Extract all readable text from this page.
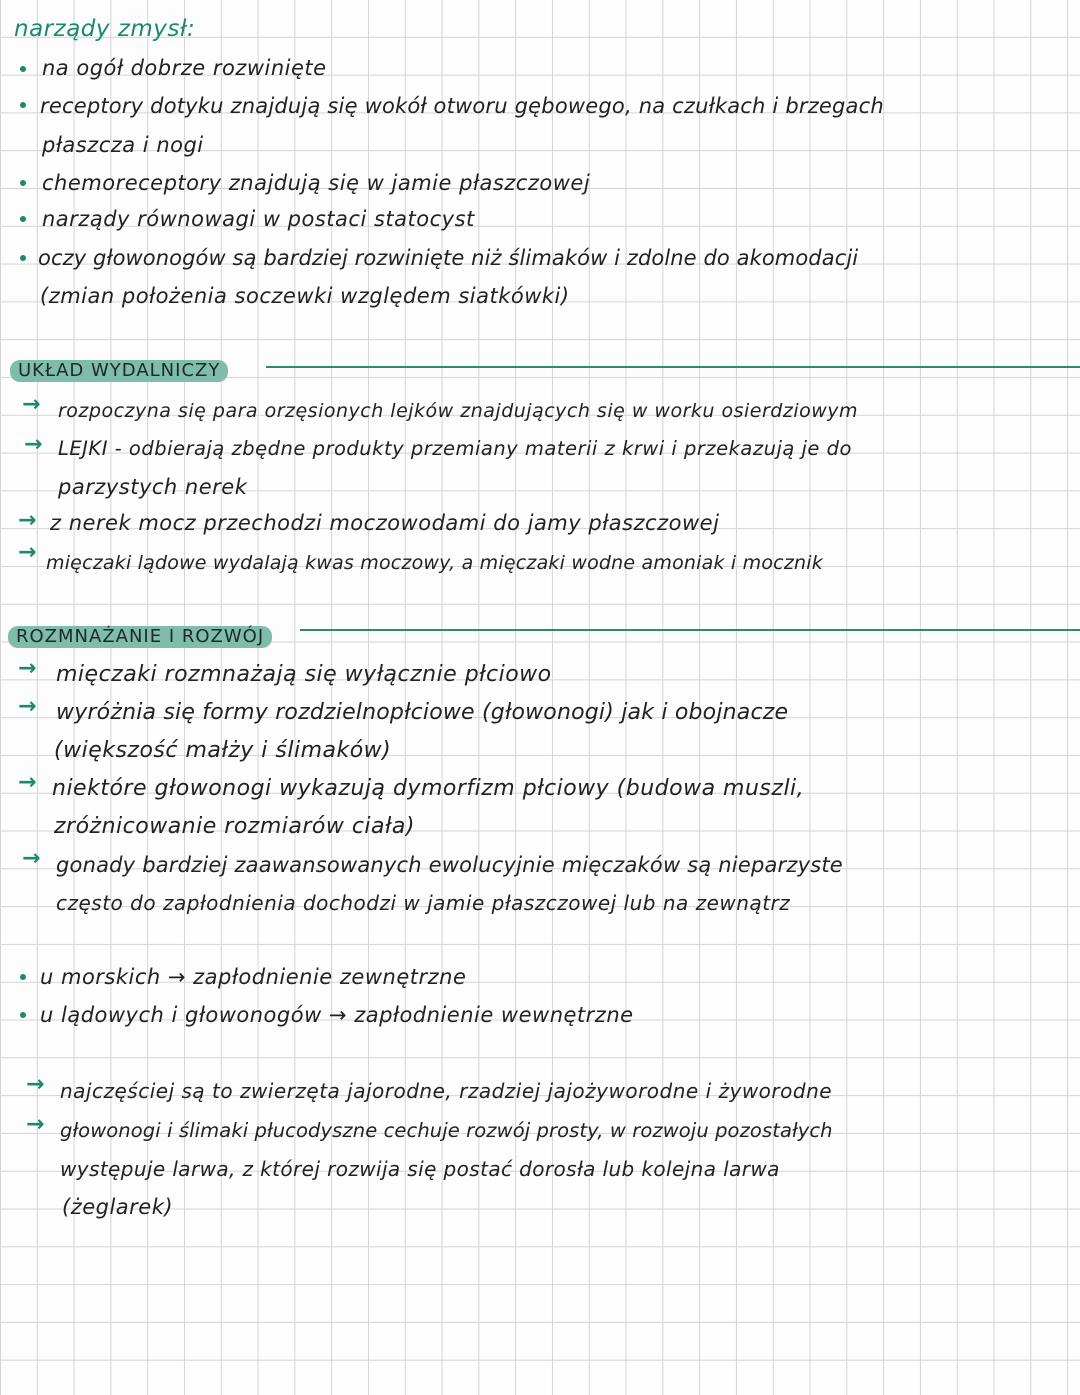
narządy zmysł:
na ogół dobrze rozwinięte
receptory dotyku znajdują się wokół otworu gębowego, na czułkach i brzegach
płaszcza i nogi
chemoreceptory znajdują się w jamie płaszczowej
narządy równowagi w postaci statocyst
oczy głowonogów są bardziej rozwinięte niż ślimaków i zdolne do akomodacji
(zmian położenia soczewki względem siatkówki)
UKŁAD WYDALNICZY
→ rozpoczyna się para orzęsionych lejków znajdujących się w worku osierdziowym
→ LEJKI - odbierają zbędne produkty przemiany materii z krwi i przekazują je do
parzystych nerek
→ z nerek mocz przechodzi moczowodami do jamy płaszczowej
→ mięczaki lądowe wydalają kwas moczowy, a mięczaki wodne amoniak i mocznik
ROZMNAŻANIE I ROZWÓJ
→ mięczaki rozmnażają się wyłącznie płciowo
→ wyróżnia się formy rozdzielnopłciowe (głowonogi) jak i obojnacze
(większość małży i ślimaków)
→ niektóre głowonogi wykazują dymorfizm płciowy (budowa muszli,
zróżnicowanie rozmiarów ciała)
→ gonady bardziej zaawansowanych ewolucyjnie mięczaków są nieparzyste
często do zapłodnienia dochodzi w jamie płaszczowej lub na zewnątrz
u morskich → zapłodnienie zewnętrzne
u lądowych i głowonogów → zapłodnienie wewnętrzne
→ najczęściej są to zwierzęta jajorodne, rzadziej jajożyworodne i żyworodne
→ głowonogi i ślimaki płucodyszne cechuje rozwój prosty, w rozwoju pozostałych
występuje larwa, z której rozwija się postać dorosła lub kolejna larwa
(żeglarek)
